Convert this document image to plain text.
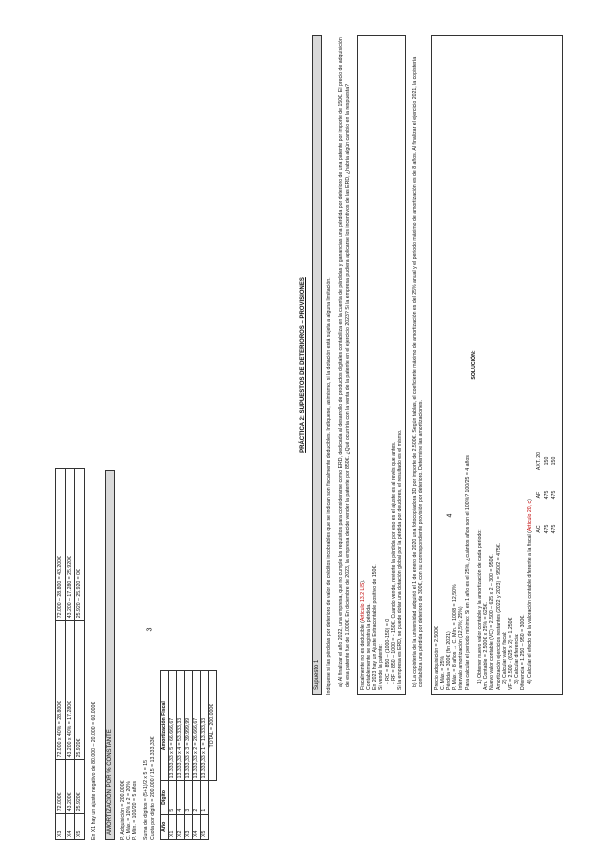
3
4
X3	72.000€	72.000 x 40% = 28.800€	72.000 – 28.800 = 43.200€
X4	43.200€	43.200 x 40% = 17.280€	43.200 – 17.280 = 25.920€
X5	25.920€	25.920€	25.920 – 25.920 = 0€
En X1 hay un ajuste negativo de 80.000 – 20.000 = 60.000€	AMORTIZACIÓN POR % CONSTANTE	P. Adquisición = 200.000€ C. Máx. = 10% x 2 = 20% P. Mín. = 100/20 = 5 años Suma de dígitos = (5+1)/2 x 5 = 15 Cuota por dígito = 200.000 / 15 = 13.333,33€ Año	Dígito	Amortización Fiscal
X1	5	13.333,33 x 5 = 66.666,67
X2	4	13.333,33 x 4 = 53.333,33
X3	3	13.333,33 x 3 = 39.999,99
X4	2	13.333,33 x 2 = 26.666,67
X5	1	13.333,33 x 1 = 13.333,33
		TOTAL = 200.000€
PRÁCTICA 2: SUPUESTOS DE DETERIOROS – PROVISIONES
Supuesto 1	Indíquese si las pérdidas por deterioro de valor de créditos incobrables que se indican son fiscalmente deducibles. Indíquese, asimismo, si la dotación está sujeta a alguna limitación. a) Al finalizar el año 2022, una empresa, que no cumple los requisitos para considerarse como ERD, dedicada al desarrollo de productos digitales contabiliza en la cuenta de pérdidas y ganancias una pérdida por deterioro de una patente por importe de 150€. El precio de adquisición de esa patente fue de 1.000€. En diciembre de 2023, la empresa decide vender la patente por 850€. ¿Qué ocurriría con la venta de la patente en el ejercicio 2023? Si la empresa pudiera aplicarse los incentivos de las ERD, ¿habría algún cambio en la respuesta? Fiscalmente no es deducible (Artículo 13.2 LIS).
Contablemente se registra la pérdida. En 2023 hay un Ajuste Extracontable positivo de 150€. Si vende la patente: - RC = 850 – (1000-150) = 0 - RF = 850 – 1000 = - 150€. Cuando vende, revierte la pérdida por eso es el ajuste es al revés que antes. Si la empresa es ERD, se puede dotar una dotación global por la pérdida por deudores, el resultado es el mismo. b) La copistería de la universidad adquirió el 1 de enero de 2020 una fotocopiadora 3D por importe de 2.500€. Según tablas, el coeficiente máximo de amortización es del 25% anual y el periodo máximo de amortización es de 8 años. Al finalizar el ejercicio 2021, la copistería contabiliza una pérdida por deterioro de 300€, con su correspondiente provisión por deterioro. Determine las amortizaciones. Precio adquisición = 2.500€ C. Máx. = 25% Pérdida = 300€ (fin 2021) P. Máx. = 8 años → C. Mín. = 100/8 = 12,50% Intervalo amortización (12,5%; 25%) Para calcular el periodo mínimo: Si en 1 año es el 25%, ¿cuántos años son el 100%? 100/25 = 4 años
SOLUCIÓN:
1) Obtener nuevo valor contable y la amortización de cada periodo: Am. Contable = 2.500€ x 25% = 625€. Nuevo valor contable (VC) = 2.500 – 625 x 2 – 300 = 950€. Amortización ejercicios restantes (2022 y 2023) = 950/2 = 475€. 2) Calcular valor fiscal: VF = 2.500 - (625 x 2) = 1.250€ 3) Calcular diferencia: Diferencia = 1.250 – 950 = 300€. 4) Calcular el efecto de la valoración contable diferente a la fiscal (Artículo 20, c)
	AC	AF	AXT. 20
	475	475	150
	475	475	150
